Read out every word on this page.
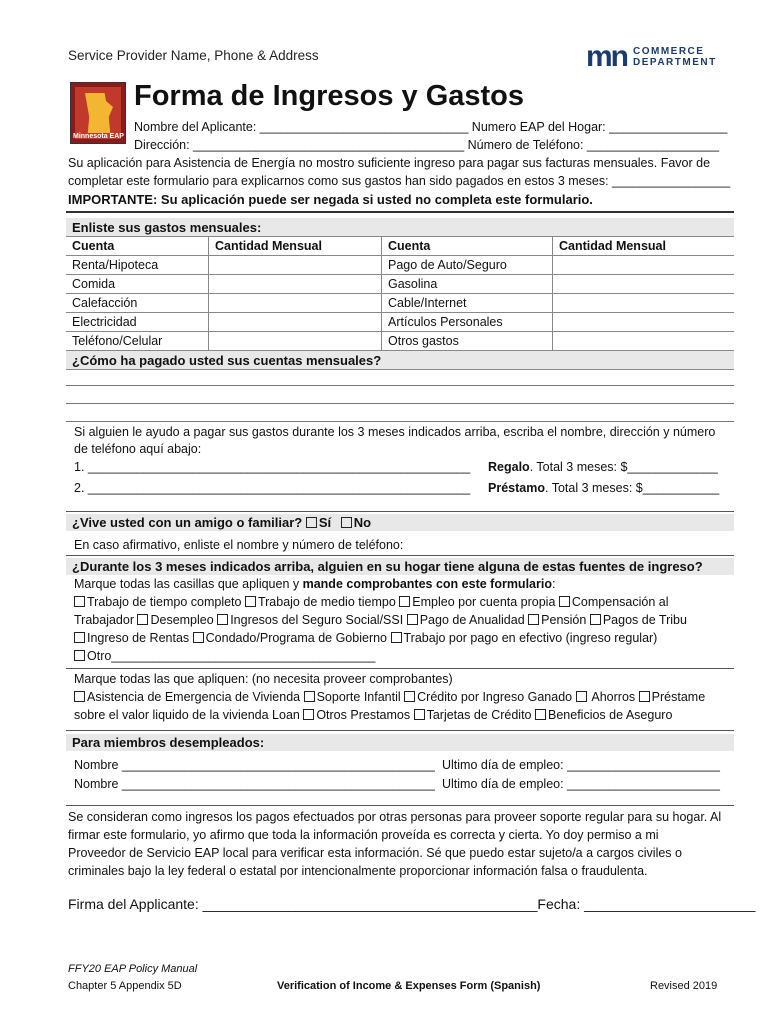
Service Provider Name, Phone & Address	mn COMMERCE
DEPARTMENT
Minnesota EAP
Forma de Ingresos y Gastos
Nombre del Aplicante: ______________________________ Numero EAP del Hogar: _________________
Dirección: _______________________________________ Número de Teléfono: ___________________
Su aplicación para Asistencia de Energía no mostro suficiente ingreso para pagar sus facturas mensuales. Favor de
completar este formulario para explicarnos como sus gastos han sido pagados en estos 3 meses: _________________
IMPORTANTE: Su aplicación puede ser negada si usted no completa este formulario.
Enliste sus gastos mensuales:			
Cuenta	Cantidad Mensual	Cuenta	Cantidad Mensual
Renta/Hipoteca		Pago de Auto/Seguro	
Comida		Gasolina	
Calefacción		Cable/Internet	
Electricidad		Artículos Personales	
Teléfono/Celular		Otros gastos	
¿Cómo ha pagado usted sus cuentas mensuales?			
Si alguien le ayudo a pagar sus gastos durante los 3 meses indicados arriba, escriba el nombre, dirección y número
de teléfono aquí abajo:
1. _______________________________________________________
2. _______________________________________________________
Regalo. Total 3 meses: $_____________
Préstamo. Total 3 meses: $___________
¿Vive usted con un amigo o familiar? Sí No
En caso afirmativo, enliste el nombre y número de teléfono:
¿Durante los 3 meses indicados arriba, alguien en su hogar tiene alguna de estas fuentes de ingreso?
Marque todas las casillas que apliquen y mande comprobantes con este formulario:
Trabajo de tiempo completo Trabajo de medio tiempo Empleo por cuenta propia Compensación al
Trabajador Desempleo Ingresos del Seguro Social/SSI Pago de Anualidad Pensión Pagos de Tribu
Ingreso de Rentas Condado/Programa de Gobierno Trabajo por pago en efectivo (ingreso regular)
Otro______________________________________
Marque todas las que apliquen: (no necesita proveer comprobantes)
Asistencia de Emergencia de Vivienda Soporte Infantil Crédito por Ingreso Ganado  Ahorros Préstame
sobre el valor liquido de la vivienda Loan Otros Prestamos Tarjetas de Crédito Beneficios de Aseguro
Para miembros desempleados:
Nombre _____________________________________________ Ultimo día de empleo: ______________________
Nombre _____________________________________________ Ultimo día de empleo: ______________________
Se consideran como ingresos los pagos efectuados por otras personas para proveer soporte regular para su hogar. Al
firmar este formulario, yo afirmo que toda la información proveída es correcta y cierta. Yo doy permiso a mi
Proveedor de Servicio EAP local para verificar esta información. Sé que puedo estar sujeto/a a cargos civiles o
criminales bajo la ley federal o estatal por intencionalmente proporcionar información falsa o fraudulenta.
Firma del Applicante: ___________________________________________Fecha: ______________________
FFY20 EAP Policy Manual
Chapter 5 Appendix 5D	Verification of Income & Expenses Form (Spanish)	Revised 2019
